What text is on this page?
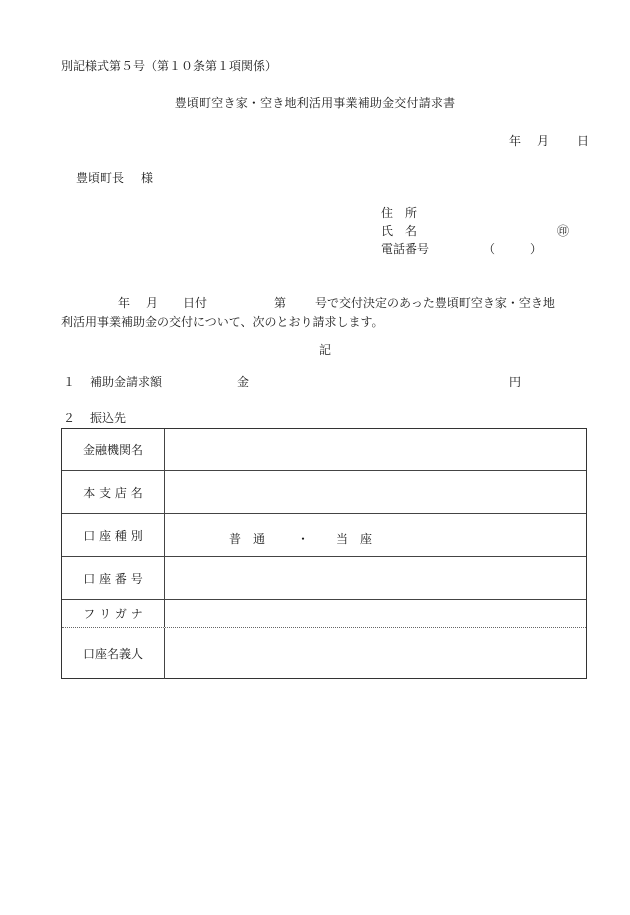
別記様式第５号（第１０条第１項関係）
豊頃町空き家・空き地利活用事業補助金交付請求書
年 月 日
豊頃町長 様
住　所
氏　名	㊞
電話番号	（	）
年 月 日付	第 号で交付決定のあった豊頃町空き家・空き地
利活用事業補助金の交付について、次のとおり請求します。
記
１ 補助金請求額	金	円
２ 振込先
金融機関名
本 支 店 名
口 座 種 別	普　通	・ 当　座
口 座 番 号
フ リ ガ ナ
口座名義人
